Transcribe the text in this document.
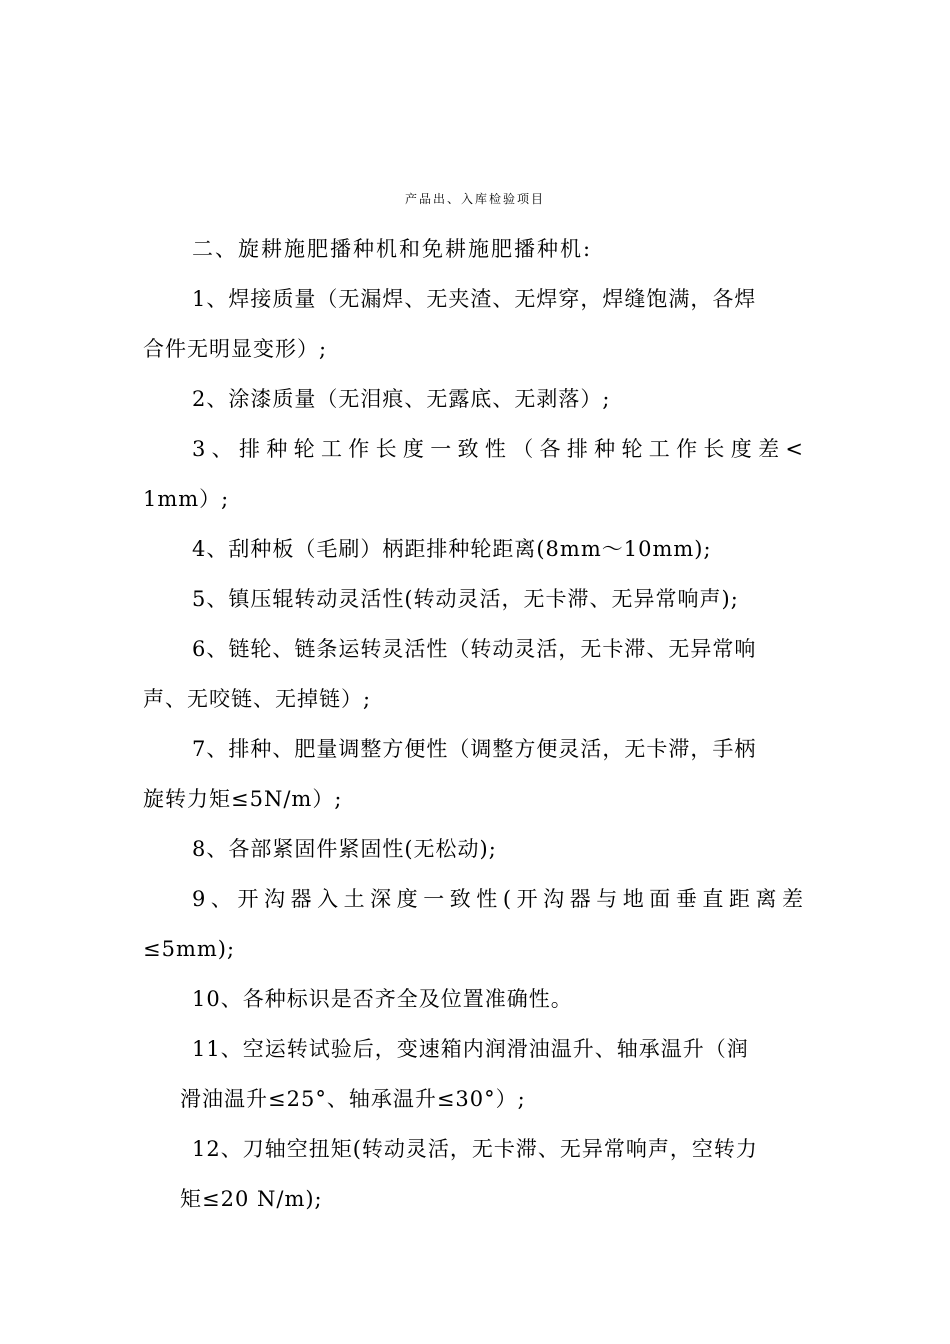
产品出、入库检验项目
二、旋耕施肥播种机和免耕施肥播种机:
1、焊接质量（无漏焊、无夹渣、无焊穿，焊缝饱满，各焊
合件无明显变形）;
2、涂漆质量（无泪痕、无露底、无剥落）;
3、排种轮工作长度一致性（各排种轮工作长度差<
1mm）;
4、刮种板（毛刷）柄距排种轮距离(8mm～10mm);
5、镇压辊转动灵活性(转动灵活，无卡滞、无异常响声);
6、链轮、链条运转灵活性（转动灵活，无卡滞、无异常响
声、无咬链、无掉链）;
7、排种、肥量调整方便性（调整方便灵活，无卡滞，手柄
旋转力矩≤5N/m）;
8、各部紧固件紧固性(无松动);
9、开沟器入土深度一致性(开沟器与地面垂直距离差
≤5mm);
10、各种标识是否齐全及位置准确性。
11、空运转试验后，变速箱内润滑油温升、轴承温升（润
滑油温升≤25°、轴承温升≤30°）;
12、刀轴空扭矩(转动灵活，无卡滞、无异常响声，空转力
矩≤20 N/m);
